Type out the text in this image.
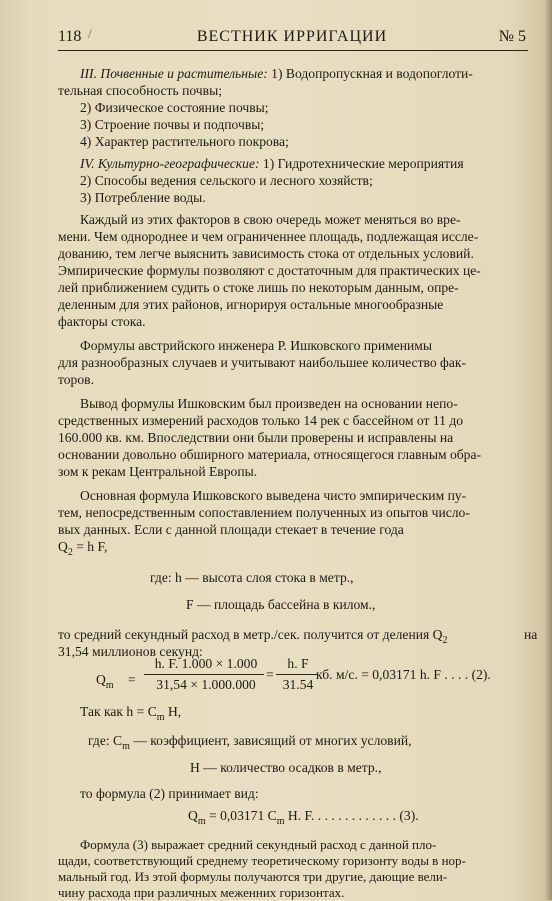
118 /	ВЕСТНИК ИРРИГАЦИИ	№ 5
III. Почвенные и растительные: 1) Водопропускная и водопоглоти-
тельная способность почвы;
2) Физическое состояние почвы;
3) Строение почвы и подпочвы;
4) Характер растительного покрова;
IV. Культурно-географические: 1) Гидротехнические мероприятия
2) Способы ведения сельского и лесного хозяйств;
3) Потребление воды.
Каждый из этих факторов в свою очередь может меняться во вре-
мени. Чем однороднее и чем ограниченнее площадь, подлежащая иссле-
дованию, тем легче выяснить зависимость стока от отдельных условий.
Эмпирические формулы позволяют с достаточным для практических це-
лей приближением судить о стоке лишь по некоторым данным, опре-
деленным для этих районов, игнорируя остальные многообразные
факторы стока.
Формулы австрийского инженера Р. Ишковского применимы
для разнообразных случаев и учитывают наибольшее количество фак-
торов.
Вывод формулы Ишковским был произведен на основании непо-
средственных измерений расходов только 14 рек с бассейном от 11 до
160.000 кв. км. Впоследствии они были проверены и исправлены на
основании довольно обширного материала, относящегося главным обра-
зом к рекам Центральной Европы.
Основная формула Ишковского выведена чисто эмпирическим пу-
тем, непосредственным сопоставлением полученных из опытов число-
вых данных. Если с данной площади стекает в течение года
$Q_2 = h$ F,
где: h — высота слоя стока в метр.,
F — площадь бассейна в килом.,
то средний секундный расход в метр./сек. получится от деления $Q_2$	на
31,54 миллионов секунд:
$Q_m$ =
h. F. 1.000 × 1.000
31,54 × 1.000.000
=
h. F
31.54
кб. м/с. = 0,03171 h. F . . . . (2).
Так как $h = C_m$ H,
где: $C_m$ — коэффициент, зависящий от многих условий,
H — количество осадков в метр.,
то формула (2) принимает вид:
$Q_m = 0,03171$ $C_m$ H. F. . . . . . . . . . . . . (3).
Формула (3) выражает средний секундный расход с данной пло-
щади, соответствующий среднему теоретическому горизонту воды в нор-
мальный год. Из этой формулы получаются три другие, дающие вели-
чину расхода при различных меженних горизонтах.
